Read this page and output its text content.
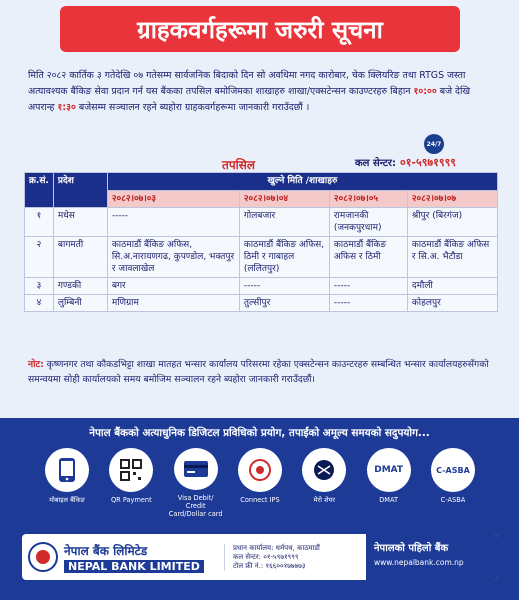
ग्राहकवर्गहरूमा जरुरी सूचना
मिति २०८२ कार्तिक ३ गतेदेखि ०७ गतेसम्म सार्वजनिक बिदाको दिन सो अवधिमा नगद कारोबार, चेक क्लियरिङ तथा RTGS जस्ता अत्यावश्यक बैंकिङ सेवा प्रदान गर्न यस बैंकका तपसिल बमोजिमका शाखाहरु शाखा/एक्सटेन्सन काउण्टरहरु बिहान १०:०० बजे देखि अपरान्ह १:३० बजेसम्म सञ्चालन रहने ब्यहोरा ग्राहकवर्गहरूमा जानकारी गराउँदछौं ।
24/7
कल सेन्टर: ०१-५९७१९९९
तपसिल
क्र.सं.	प्रदेश	खुल्ने मिति /शाखाहरु			
		२०८२।०७।०३	२०८२।०७।०४	२०८२।०७।०५	२०८२।०७।०७
१	मधेस	-----	गोलबजार	रामजानकी (जनकपुरधाम)	श्रीपुर (बिरगंज)
२	बागमती	काठमाडौं बैंकिङ अफिस, सि.अ.नारायणगढ, कुपण्डोल, भक्तपुर र जावलाखेल	काठमाडौं बैंकिङ अफिस, ठिमी र गाबाहल (ललितपुर)	काठमाडौं बैंकिङ अफिस र ठिमी	काठमाडौं बैंकिङ अफिस र सि.अ. भैटौडा
३	गण्डकी	बगर	-----	-----	दमौली
४	लुम्बिनी	मणिग्राम	तुल्सीपुर	-----	कोहलपुर
नोट: कृष्णनगर तथा कौकडभिट्टा शाखा मातहत भन्सार कार्यालय परिसरमा रहेका एक्सटेन्सन काउन्टरहरु सम्बन्धित भन्सार कार्यालयहरुसँगको समन्वयमा सोही कार्यालयको समय बमोजिम सञ्चालन रहने ब्यहोरा जानकारी गराउँदछौं।
नेपाल बैंकको अत्याधुनिक डिजिटल प्रविधिको प्रयोग, तपाईंको अमूल्य समयको सदुपयोग...
मोबाइल बैंकिङ	QR Payment	Visa Debit/ Credit Card/Dollar card
Connect IPS	मेरो शेयर
DMAT
DMAT
C-ASBA
C-ASBA
नेपाल बैंक लिमिटेड
NEPAL BANK LIMITED
प्रधान कार्यालय: धर्मपथ, काठमाडौं
कल सेन्टर: ०१-५९७१९९९
टोल फ्री नं.: १६६००१७७७७३
नेपालको पहिलो बैंक
www.nepalbank.com.np
